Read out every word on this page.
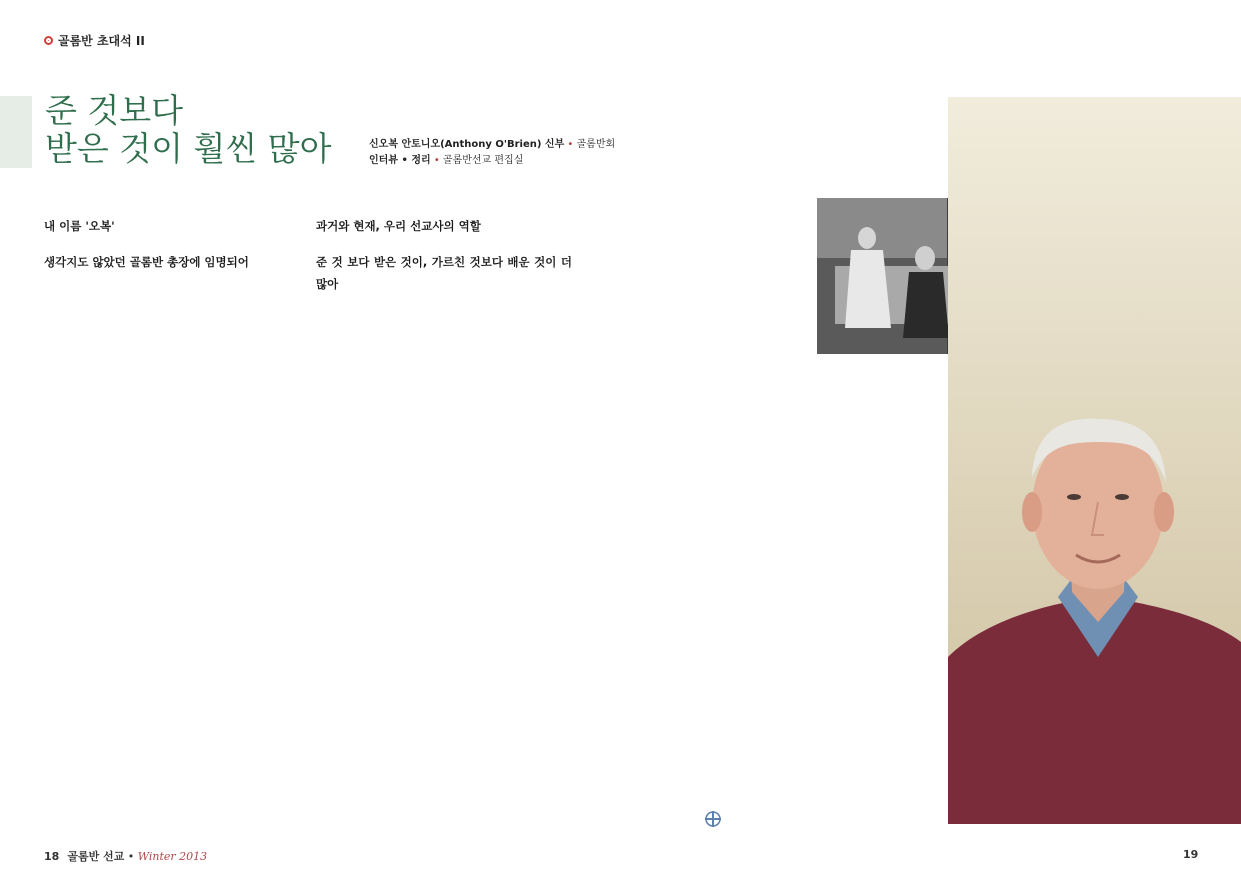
골롬반 초대석 II
준 것보다
받은 것이 훨씬 많아	신오복 안토니오(Anthony O'Brien) 신부 • 골롬반회
인터뷰 • 정리 • 골롬반선교 편집실
내 이름 '오복'

생각지도 않았던 골롬반 총장에 임명되어

과거와 현재, 우리 선교사의 역할

준 것 보다 받은 것이, 가르친 것보다 배운 것이 더 많아

18 골롬반 선교 • Winter 2013	19
